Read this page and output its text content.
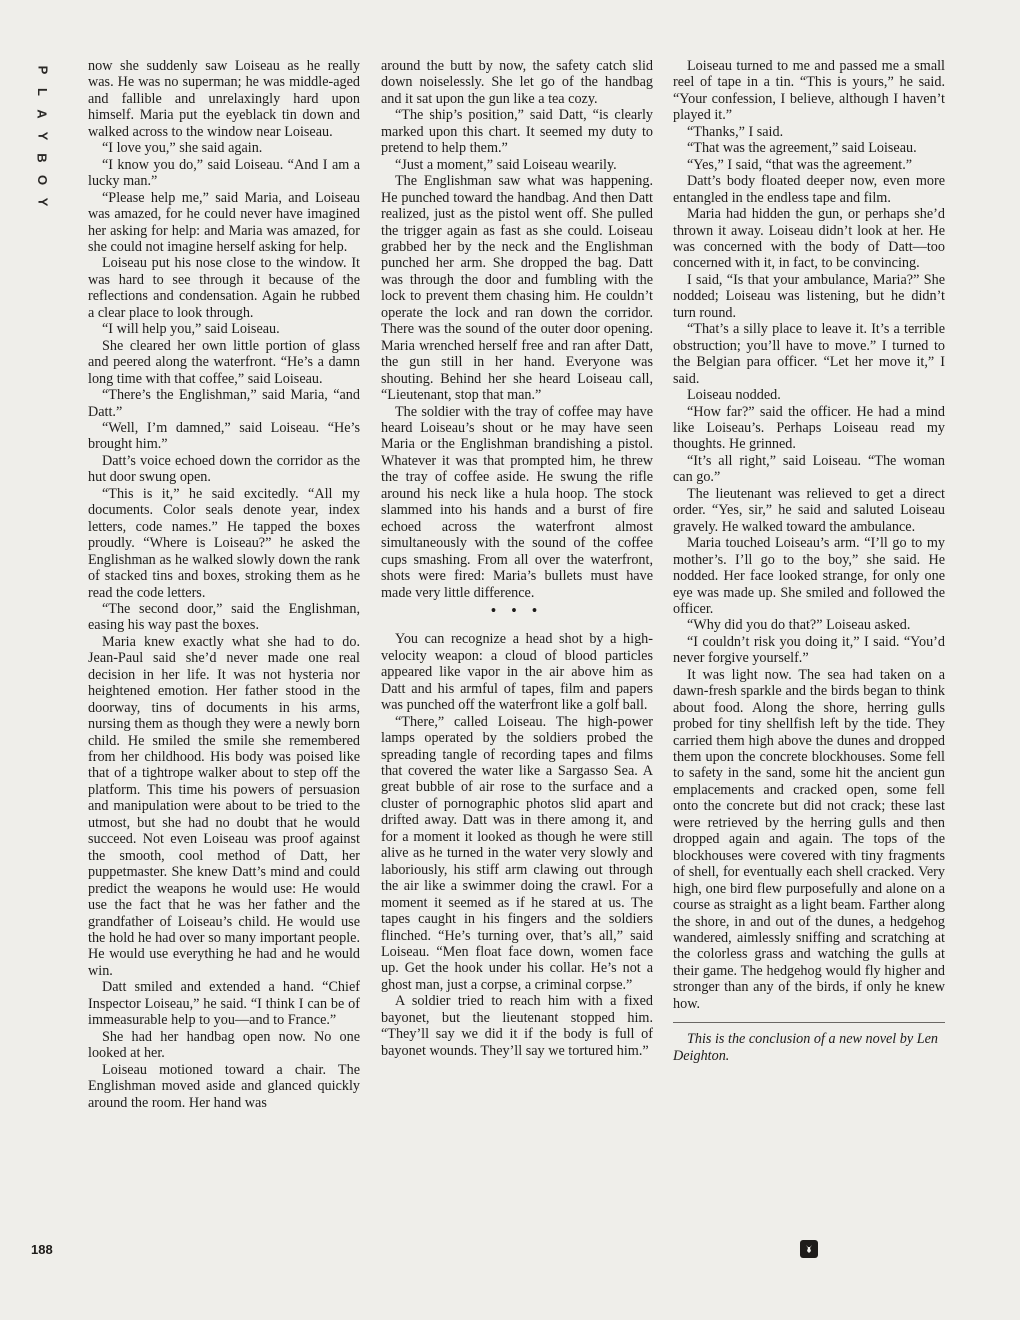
P
L
A
Y
B
O
Y
188

now she suddenly saw Loiseau as he really was. He was no superman; he was middle-aged and fallible and unrelaxingly hard upon himself. Maria put the eyeblack tin down and walked across to the window near Loiseau.

“I love you,” she said again.

“I know you do,” said Loiseau. “And I am a lucky man.”

“Please help me,” said Maria, and Loiseau was amazed, for he could never have imagined her asking for help: and Maria was amazed, for she could not imagine herself asking for help.

Loiseau put his nose close to the window. It was hard to see through it because of the reflections and condensation. Again he rubbed a clear place to look through.

“I will help you,” said Loiseau.

She cleared her own little portion of glass and peered along the waterfront. “He’s a damn long time with that coffee,” said Loiseau.

“There’s the Englishman,” said Maria, “and Datt.”

“Well, I’m damned,” said Loiseau. “He’s brought him.”

Datt’s voice echoed down the corridor as the hut door swung open.

“This is it,” he said excitedly. “All my documents. Color seals denote year, index letters, code names.” He tapped the boxes proudly. “Where is Loiseau?” he asked the Englishman as he walked slowly down the rank of stacked tins and boxes, stroking them as he read the code letters.

“The second door,” said the Englishman, easing his way past the boxes.

Maria knew exactly what she had to do. Jean-Paul said she’d never made one real decision in her life. It was not hysteria nor heightened emotion. Her father stood in the doorway, tins of documents in his arms, nursing them as though they were a newly born child. He smiled the smile she remembered from her childhood. His body was poised like that of a tightrope walker about to step off the platform. This time his powers of persuasion and manipulation were about to be tried to the utmost, but she had no doubt that he would succeed. Not even Loiseau was proof against the smooth, cool method of Datt, her puppetmaster. She knew Datt’s mind and could predict the weapons he would use: He would use the fact that he was her father and the grandfather of Loiseau’s child. He would use the hold he had over so many important people. He would use everything he had and he would win.

Datt smiled and extended a hand. “Chief Inspector Loiseau,” he said. “I think I can be of immeasurable help to you—and to France.”

She had her handbag open now. No one looked at her.

Loiseau motioned toward a chair. The Englishman moved aside and glanced quickly around the room. Her hand was

around the butt by now, the safety catch slid down noiselessly. She let go of the handbag and it sat upon the gun like a tea cozy.

“The ship’s position,” said Datt, “is clearly marked upon this chart. It seemed my duty to pretend to help them.”

“Just a moment,” said Loiseau wearily.

The Englishman saw what was happening. He punched toward the handbag. And then Datt realized, just as the pistol went off. She pulled the trigger again as fast as she could. Loiseau grabbed her by the neck and the Englishman punched her arm. She dropped the bag. Datt was through the door and fumbling with the lock to prevent them chasing him. He couldn’t operate the lock and ran down the corridor. There was the sound of the outer door opening. Maria wrenched herself free and ran after Datt, the gun still in her hand. Everyone was shouting. Behind her she heard Loiseau call, “Lieutenant, stop that man.”

The soldier with the tray of coffee may have heard Loiseau’s shout or he may have seen Maria or the Englishman brandishing a pistol. Whatever it was that prompted him, he threw the tray of coffee aside. He swung the rifle around his neck like a hula hoop. The stock slammed into his hands and a burst of fire echoed across the waterfront almost simultaneously with the sound of the coffee cups smashing. From all over the waterfront, shots were fired: Maria’s bullets must have made very little difference.

• • •

You can recognize a head shot by a high-velocity weapon: a cloud of blood particles appeared like vapor in the air above him as Datt and his armful of tapes, film and papers was punched off the waterfront like a golf ball.

“There,” called Loiseau. The high-power lamps operated by the soldiers probed the spreading tangle of recording tapes and films that covered the water like a Sargasso Sea. A great bubble of air rose to the surface and a cluster of pornographic photos slid apart and drifted away. Datt was in there among it, and for a moment it looked as though he were still alive as he turned in the water very slowly and laboriously, his stiff arm clawing out through the air like a swimmer doing the crawl. For a moment it seemed as if he stared at us. The tapes caught in his fingers and the soldiers flinched. “He’s turning over, that’s all,” said Loiseau. “Men float face down, women face up. Get the hook under his collar. He’s not a ghost man, just a corpse, a criminal corpse.”

A soldier tried to reach him with a fixed bayonet, but the lieutenant stopped him. “They’ll say we did it if the body is full of bayonet wounds. They’ll say we tortured him.”

Loiseau turned to me and passed me a small reel of tape in a tin. “This is yours,” he said. “Your confession, I believe, although I haven’t played it.”

“Thanks,” I said.

“That was the agreement,” said Loiseau.

“Yes,” I said, “that was the agreement.”

Datt’s body floated deeper now, even more entangled in the endless tape and film.

Maria had hidden the gun, or perhaps she’d thrown it away. Loiseau didn’t look at her. He was concerned with the body of Datt—too concerned with it, in fact, to be convincing.

I said, “Is that your ambulance, Maria?” She nodded; Loiseau was listening, but he didn’t turn round.

“That’s a silly place to leave it. It’s a terrible obstruction; you’ll have to move.” I turned to the Belgian para officer. “Let her move it,” I said.

Loiseau nodded.

“How far?” said the officer. He had a mind like Loiseau’s. Perhaps Loiseau read my thoughts. He grinned.

“It’s all right,” said Loiseau. “The woman can go.”

The lieutenant was relieved to get a direct order. “Yes, sir,” he said and saluted Loiseau gravely. He walked toward the ambulance.

Maria touched Loiseau’s arm. “I’ll go to my mother’s. I’ll go to the boy,” she said. He nodded. Her face looked strange, for only one eye was made up. She smiled and followed the officer.

“Why did you do that?” Loiseau asked.

“I couldn’t risk you doing it,” I said. “You’d never forgive yourself.”

It was light now. The sea had taken on a dawn-fresh sparkle and the birds began to think about food. Along the shore, herring gulls probed for tiny shellfish left by the tide. They carried them high above the dunes and dropped them upon the concrete blockhouses. Some fell to safety in the sand, some hit the ancient gun emplacements and cracked open, some fell onto the concrete but did not crack; these last were retrieved by the herring gulls and then dropped again and again. The tops of the blockhouses were covered with tiny fragments of shell, for eventually each shell cracked. Very high, one bird flew purposefully and alone on a course as straight as a light beam. Farther along the shore, in and out of the dunes, a hedgehog wandered, aimlessly sniffing and scratching at the colorless grass and watching the gulls at their game. The hedgehog would fly higher and stronger than any of the birds, if only he knew how.

This is the conclusion of a new novel by Len Deighton.
